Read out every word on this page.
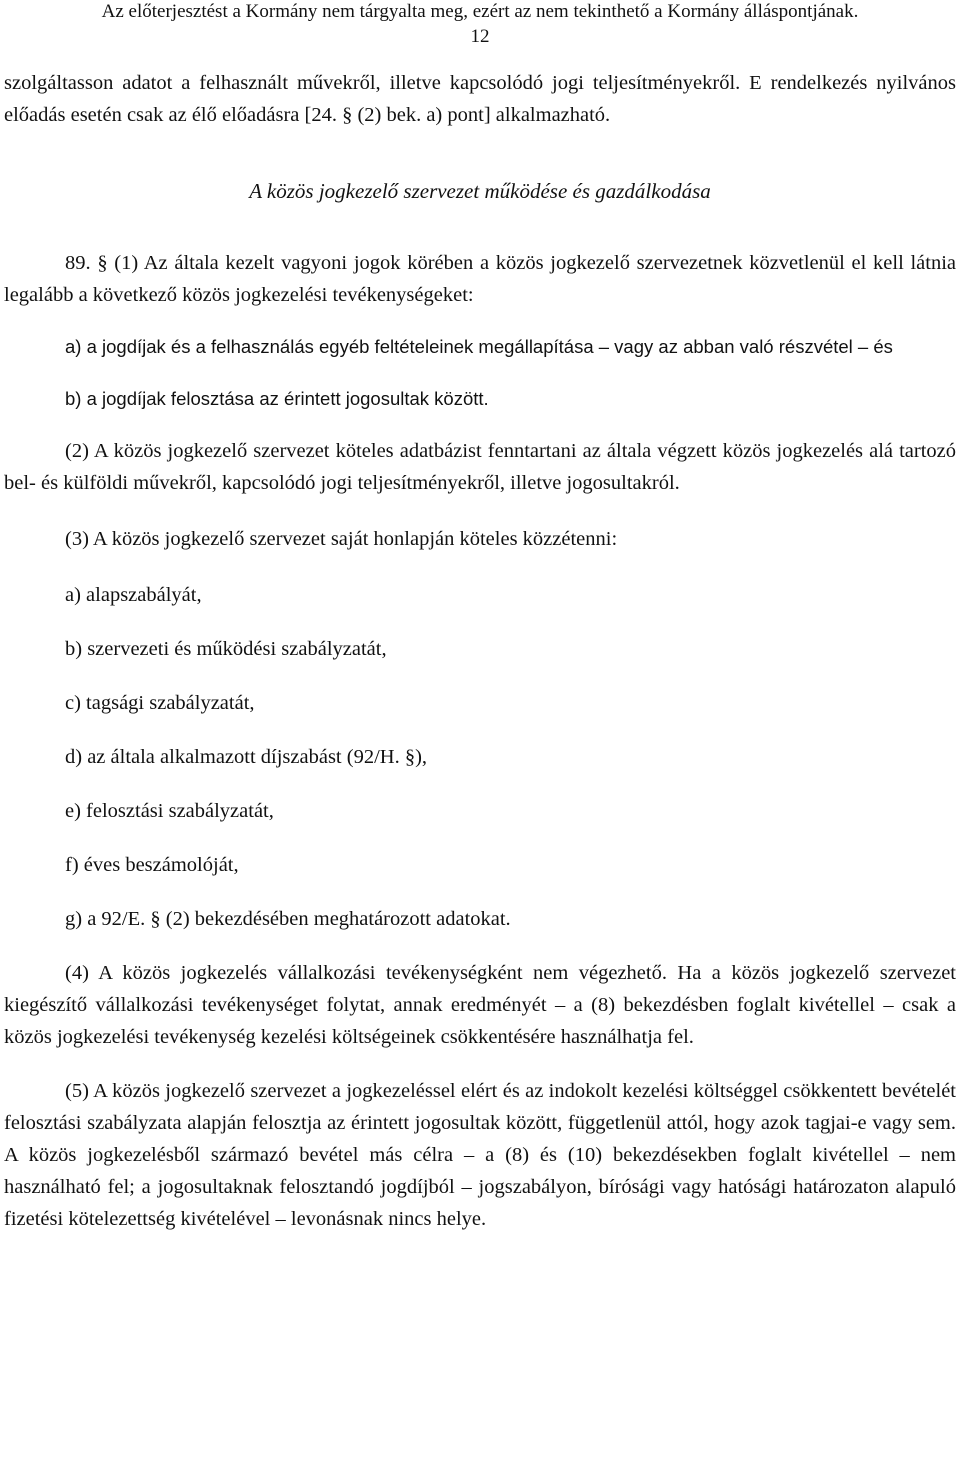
Az előterjesztést a Kormány nem tárgyalta meg, ezért az nem tekinthető a Kormány álláspontjának.
12

szolgáltasson adatot a felhasznált művekről, illetve kapcsolódó jogi teljesítményekről. E rendelkezés nyilvános előadás esetén csak az élő előadásra [24. § (2) bek. a) pont] alkalmazható.

A közös jogkezelő szervezet működése és gazdálkodása

89. § (1) Az általa kezelt vagyoni jogok körében a közös jogkezelő szervezetnek közvetlenül el kell látnia legalább a következő közös jogkezelési tevékenységeket:

a) a jogdíjak és a felhasználás egyéb feltételeinek megállapítása – vagy az abban való részvétel – és

b) a jogdíjak felosztása az érintett jogosultak között.

(2) A közös jogkezelő szervezet köteles adatbázist fenntartani az általa végzett közös jogkezelés alá tartozó bel- és külföldi művekről, kapcsolódó jogi teljesítményekről, illetve jogosultakról.

(3) A közös jogkezelő szervezet saját honlapján köteles közzétenni:

a) alapszabályát,

b) szervezeti és működési szabályzatát,

c) tagsági szabályzatát,

d) az általa alkalmazott díjszabást (92/H. §),

e) felosztási szabályzatát,

f) éves beszámolóját,

g) a 92/E. § (2) bekezdésében meghatározott adatokat.

(4) A közös jogkezelés vállalkozási tevékenységként nem végezhető. Ha a közös jogkezelő szervezet kiegészítő vállalkozási tevékenységet folytat, annak eredményét – a (8) bekezdésben foglalt kivétellel – csak a közös jogkezelési tevékenység kezelési költségeinek csökkentésére használhatja fel.

(5) A közös jogkezelő szervezet a jogkezeléssel elért és az indokolt kezelési költséggel csökkentett bevételét felosztási szabályzata alapján felosztja az érintett jogosultak között, függetlenül attól, hogy azok tagjai-e vagy sem. A közös jogkezelésből származó bevétel más célra – a (8) és (10) bekezdésekben foglalt kivétellel – nem használható fel; a jogosultaknak felosztandó jogdíjból – jogszabályon, bírósági vagy hatósági határozaton alapuló fizetési kötelezettség kivételével – levonásnak nincs helye.
